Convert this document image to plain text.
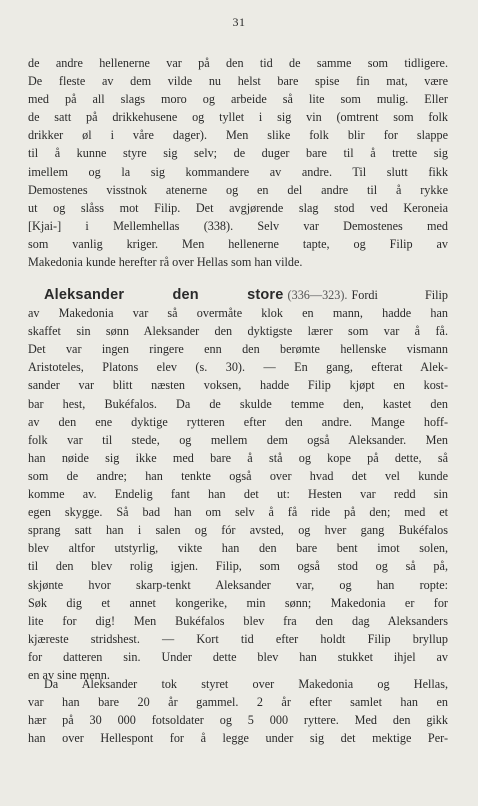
31
de andre hellenerne var på den tid de samme som tidligere.
De fleste av dem vilde nu helst bare spise fin mat, være
med på all slags moro og arbeide så lite som mulig. Eller
de satt på drikkehusene og tyllet i sig vin (omtrent som folk
drikker øl i våre dager). Men slike folk blir for slappe
til å kunne styre sig selv; de duger bare til å trette sig
imellem og la sig kommandere av andre. Til slutt fikk
Demostenes visstnok atenerne og en del andre til å rykke
ut og slåss mot Filip. Det avgjørende slag stod ved Keroneia
[Kjai-] i Mellemhellas (338). Selv var Demostenes med
som vanlig kriger. Men hellenerne tapte, og Filip av
Makedonia kunde herefter rå over Hellas som han vilde.
Aleksander den store (336—323). Fordi Filip
av Makedonia var så overmåte klok en mann, hadde han
skaffet sin sønn Aleksander den dyktigste lærer som var å få.
Det var ingen ringere enn den berømte hellenske vismann
Aristoteles, Platons elev (s. 30). — En gang, efterat Alek-
sander var blitt næsten voksen, hadde Filip kjøpt en kost-
bar hest, Bukéfalos. Da de skulde temme den, kastet den
av den ene dyktige rytteren efter den andre. Mange hoff-
folk var til stede, og mellem dem også Aleksander. Men
han nøide sig ikke med bare å stå og kope på dette, så
som de andre; han tenkte også over hvad det vel kunde
komme av. Endelig fant han det ut: Hesten var redd sin
egen skygge. Så bad han om selv å få ride på den; med et
sprang satt han i salen og fór avsted, og hver gang Bukéfalos
blev altfor utstyrlig, vikte han den bare bent imot solen,
til den blev rolig igjen. Filip, som også stod og så på,
skjønte hvor skarp-tenkt Aleksander var, og han ropte:
Søk dig et annet kongerike, min sønn; Makedonia er for
lite for dig! Men Bukéfalos blev fra den dag Aleksanders
kjæreste stridshest. — Kort tid efter holdt Filip bryllup
for datteren sin. Under dette blev han stukket ihjel av
en av sine menn.
Da Aleksander tok styret over Makedonia og Hellas,
var han bare 20 år gammel. 2 år efter samlet han en
hær på 30 000 fotsoldater og 5 000 ryttere. Med den gikk
han over Hellespont for å legge under sig det mektige Per-
